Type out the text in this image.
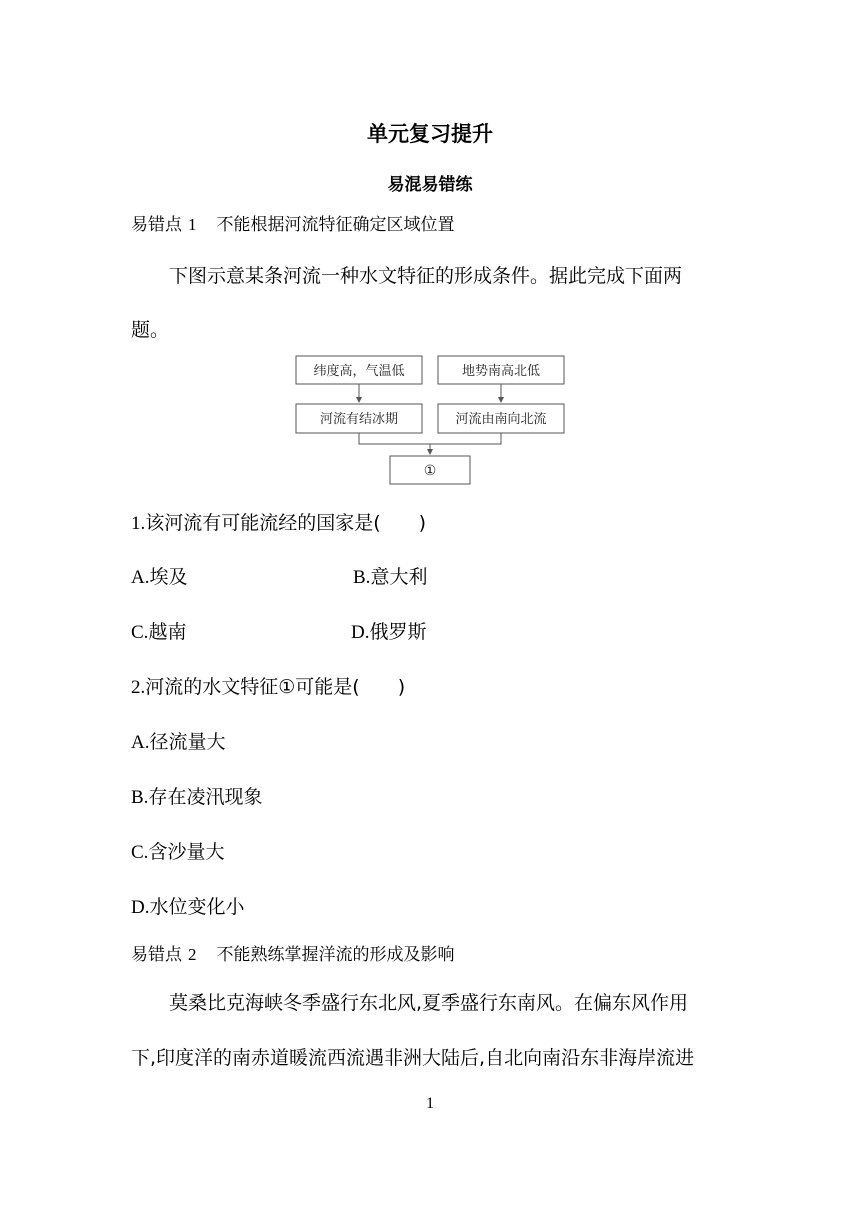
单元复习提升
易混易错练
易错点 1 不能根据河流特征确定区域位置
下图示意某条河流一种水文特征的形成条件。据此完成下面两
题。
纬度高，气温低	地势南高北低
河流有结冰期	河流由南向北流
①
1.该河流有可能流经的国家是(　　)
A.埃及	B.意大利
C.越南	D.俄罗斯
2.河流的水文特征①可能是(　　)
A.径流量大
B.存在凌汛现象
C.含沙量大
D.水位变化小
易错点 2 不能熟练掌握洋流的形成及影响
莫桑比克海峡冬季盛行东北风,夏季盛行东南风。在偏东风作用
下,印度洋的南赤道暖流西流遇非洲大陆后,自北向南沿东非海岸流进
1
